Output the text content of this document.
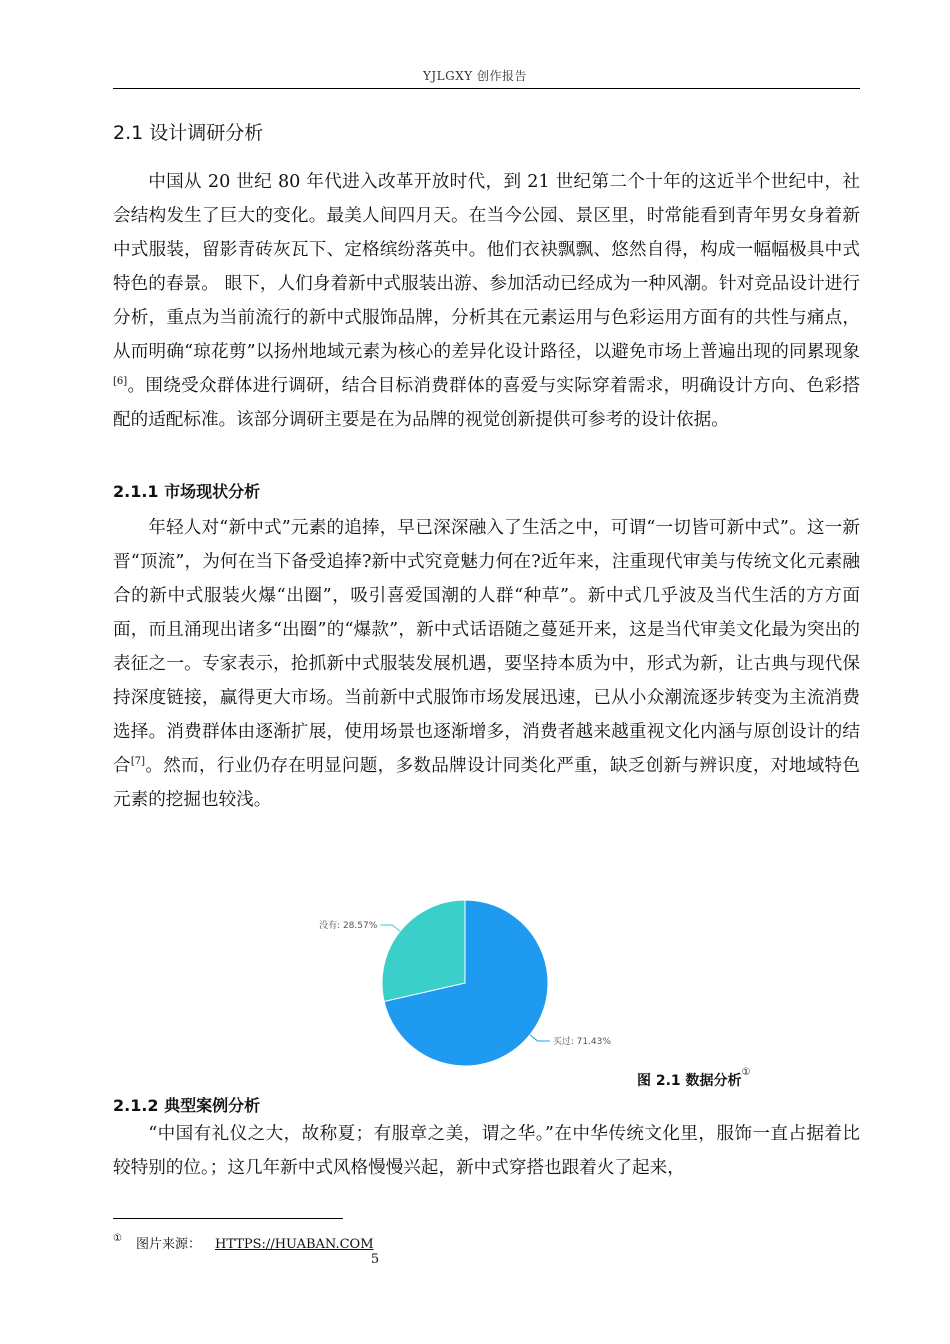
YJLGXY 创作报告
2.1 设计调研分析

中国从 20 世纪 80 年代进入改革开放时代，到 21 世纪第二个十年的这近半个世纪中，社会结构发生了巨大的变化。最美人间四月天。在当今公园、景区里，时常能看到青年男女身着新中式服装，留影青砖灰瓦下、定格缤纷落英中。他们衣袂飘飘、悠然自得，构成一幅幅极具中式特色的春景。 眼下，人们身着新中式服装出游、参加活动已经成为一种风潮。针对竞品设计进行分析，重点为当前流行的新中式服饰品牌，分析其在元素运用与色彩运用方面有的共性与痛点，从而明确“琼花剪”以扬州地域元素为核心的差异化设计路径，以避免市场上普遍出现的同累现象[6]。围绕受众群体进行调研，结合目标消费群体的喜爱与实际穿着需求，明确设计方向、色彩搭配的适配标准。该部分调研主要是在为品牌的视觉创新提供可参考的设计依据。

2.1.1 市场现状分析

年轻人对“新中式”元素的追捧，早已深深融入了生活之中，可谓“一切皆可新中式”。这一新晋“顶流”，为何在当下备受追捧?新中式究竟魅力何在?近年来，注重现代审美与传统文化元素融合的新中式服装火爆“出圈”，吸引喜爱国潮的人群“种草”。新中式几乎波及当代生活的方方面面，而且涌现出诸多“出圈”的“爆款”，新中式话语随之蔓延开来，这是当代审美文化最为突出的表征之一。专家表示，抢抓新中式服装发展机遇，要坚持本质为中，形式为新，让古典与现代保持深度链接，赢得更大市场。当前新中式服饰市场发展迅速，已从小众潮流逐步转变为主流消费选择。消费群体由逐渐扩展，使用场景也逐渐增多，消费者越来越重视文化内涵与原创设计的结合[7]。然而，行业仍存在明显问题，多数品牌设计同类化严重，缺乏创新与辨识度，对地域特色元素的挖掘也较浅。

买过: 71.43%
没有: 28.57%
图 2.1 数据分析①
2.1.2 典型案例分析

“中国有礼仪之大，故称夏；有服章之美，谓之华。”在中华传统文化里，服饰一直占据着比较特别的位。；这几年新中式风格慢慢兴起，新中式穿搭也跟着火了起来，

① 图片来源： HTTPS://HUABAN.COM
5
